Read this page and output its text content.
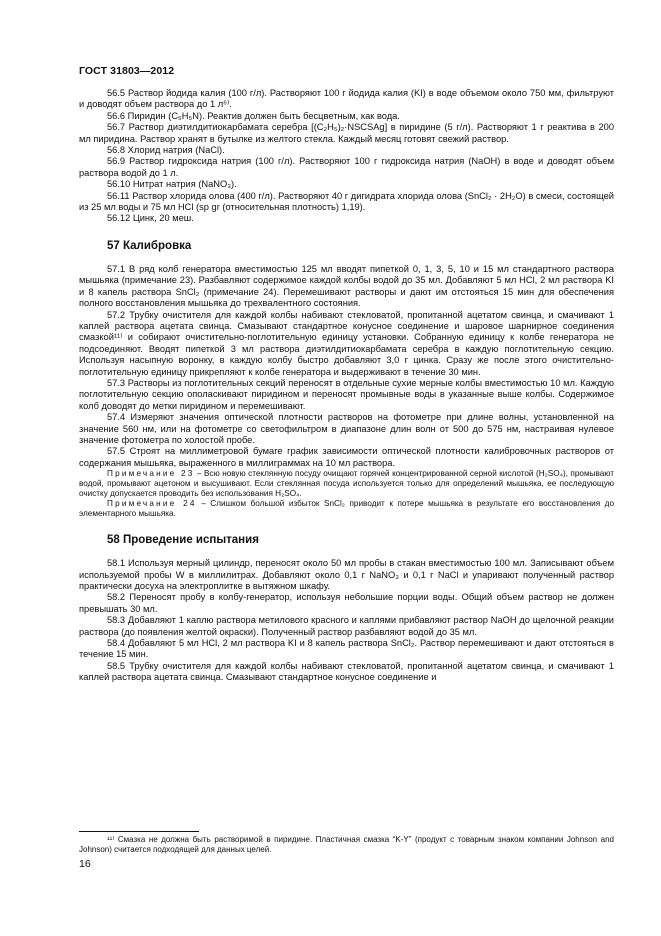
ГОСТ 31803—2012

56.5 Раствор йодида калия (100 г/л). Растворяют 100 г йодида калия (KI) в воде объемом около 750 мм, фильтруют и доводят объем раствора до 1 л⁶⁾.

56.6 Пиридин (C₅H₅N). Реактив должен быть бесцветным, как вода.

56.7 Раствор диэтилдитиокарбамата серебра [(C₂H₅)₂·NSCSAg] в пиридине (5 г/л). Растворяют 1 г реактива в 200 мл пиридина. Раствор хранят в бутылке из желтого стекла. Каждый месяц готовят свежий раствор.

56.8 Хлорид натрия (NaCl).

56.9 Раствор гидроксида натрия (100 г/л). Растворяют 100 г гидроксида натрия (NaOH) в воде и доводят объем раствора водой до 1 л.

56.10 Нитрат натрия (NaNO₃).

56.11 Раствор хлорида олова (400 г/л). Растворяют 40 г дигидрата хлорида олова (SnCl₂ · 2H₂O) в смеси, состоящей из 25 мл воды и 75 мл HCl (sp gr (относительная плотность) 1,19).

56.12 Цинк, 20 меш.

57 Калибровка

57.1 В ряд колб генератора вместимостью 125 мл вводят пипеткой 0, 1, 3, 5, 10 и 15 мл стандартного раствора мышьяка (примечание 23). Разбавляют содержимое каждой колбы водой до 35 мл. Добавляют 5 мл HCl, 2 мл раствора KI и 8 капель раствора SnCl₂ (примечание 24). Перемешивают растворы и дают им отстояться 15 мин для обеспечения полного восстановления мышьяка до трехвалентного состояния.

57.2 Трубку очистителя для каждой колбы набивают стекловатой, пропитанной ацетатом свинца, и смачивают 1 каплей раствора ацетата свинца. Смазывают стандартное конусное соединение и шаровое шарнирное соединения смазкой¹¹⁾ и собирают очистительно-поглотительную единицу установки. Собранную единицу к колбе генератора не подсоединяют. Вводят пипеткой 3 мл раствора диэтилдитиокарбамата серебра в каждую поглотительную секцию. Используя насыпную воронку, в каждую колбу быстро добавляют 3,0 г цинка. Сразу же после этого очистительно-поглотительную единицу прикрепляют к колбе генератора и выдерживают в течение 30 мин.

57.3 Растворы из поглотительных секций переносят в отдельные сухие мерные колбы вместимостью 10 мл. Каждую поглотительную секцию ополаскивают пиридином и переносят промывные воды в указанные выше колбы. Содержимое колб доводят до метки пиридином и перемешивают.

57.4 Измеряют значения оптической плотности растворов на фотометре при длине волны, установленной на значение 560 нм, или на фотометре со светофильтром в диапазоне длин волн от 500 до 575 нм, настраивая нулевое значение фотометра по холостой пробе.

57.5 Строят на миллиметровой бумаге график зависимости оптической плотности калибровочных растворов от содержания мышьяка, выраженного в миллиграммах на 10 мл раствора.

Примечание 23 – Всю новую стеклянную посуду очищают горячей концентрированной серной кислотой (H₂SO₄), промывают водой, промывают ацетоном и высушивают. Если стеклянная посуда используется только для определений мышьяка, ее последующую очистку допускается проводить без использования H₂SO₄.

Примечание 24 – Слишком большой избыток SnCl₂ приводит к потере мышьяка в результате его восстановления до элементарного мышьяка.

58 Проведение испытания

58.1 Используя мерный цилиндр, переносят около 50 мл пробы в стакан вместимостью 100 мл. Записывают объем используемой пробы W в миллилитрах. Добавляют около 0,1 г NaNO₃ и 0,1 г NaCl и упаривают полученный раствор практически досуха на электроплитке в вытяжном шкафу.

58.2 Переносят пробу в колбу-генератор, используя небольшие порции воды. Общий объем раствор не должен превышать 30 мл.

58.3 Добавляют 1 каплю раствора метилового красного и каплями прибавляют раствор NaOH до щелочной реакции раствора (до появления желтой окраски). Полученный раствор разбавляют водой до 35 мл.

58.4 Добавляют 5 мл HCl, 2 мл раствора KI и 8 капель раствора SnCl₂. Раствор перемешивают и дают отстояться в течение 15 мин.

58.5 Трубку очистителя для каждой колбы набивают стекловатой, пропитанной ацетатом свинца, и смачивают 1 каплей раствора ацетата свинца. Смазывают стандартное конусное соединение и

¹¹⁾ Смазка не должна быть растворимой в пиридине. Пластичная смазка “K-Y” (продукт с товарным знаком компании Johnson and Johnson) считается подходящей для данных целей.
16
